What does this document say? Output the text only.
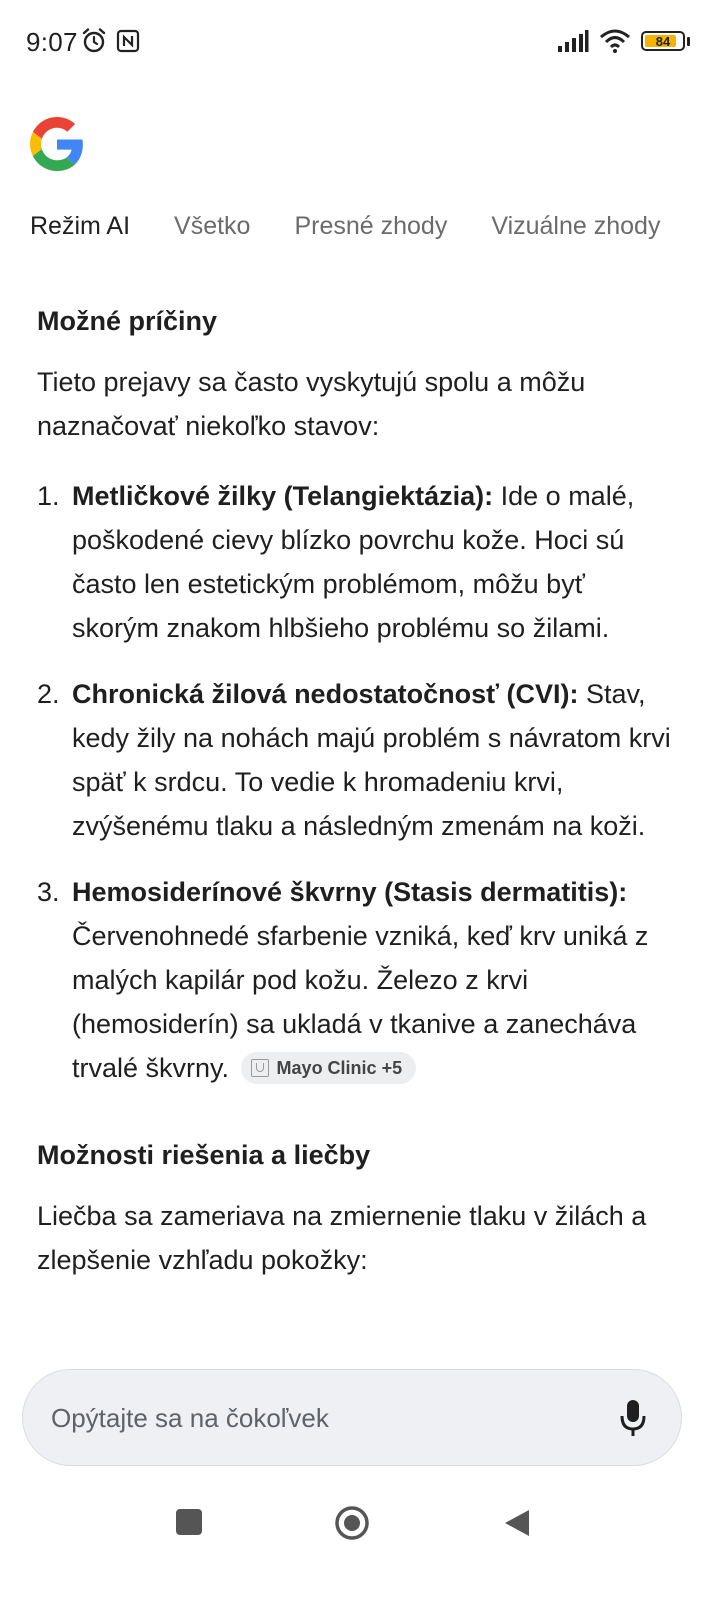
9:07	84
Režim AI Všetko Presné zhody Vizuálne zhody
Možné príčiny

Tieto prejavy sa často vyskytujú spolu a môžu naznačovať niekoľko stavov:

1. Metličkové žilky (Telangiektázia): Ide o malé, poškodené cievy blízko povrchu kože. Hoci sú často len estetickým problémom, môžu byť skorým znakom hlbšieho problému so žilami.
2. Chronická žilová nedostatočnosť (CVI): Stav, kedy žily na nohách majú problém s návratom krvi späť k srdcu. To vedie k hromadeniu krvi, zvýšenému tlaku a následným zmenám na koži.
3. Hemosiderínové škvrny (Stasis dermatitis): Červenohnedé sfarbenie vzniká, keď krv uniká z malých kapilár pod kožu. Železo z krvi (hemosiderín) sa ukladá v tkanive a zanecháva trvalé škvrny.	Mayo Clinic +5
Možnosti riešenia a liečby

Liečba sa zameriava na zmiernenie tlaku v žilách a zlepšenie vzhľadu pokožky:

Opýtajte sa na čokoľvek
